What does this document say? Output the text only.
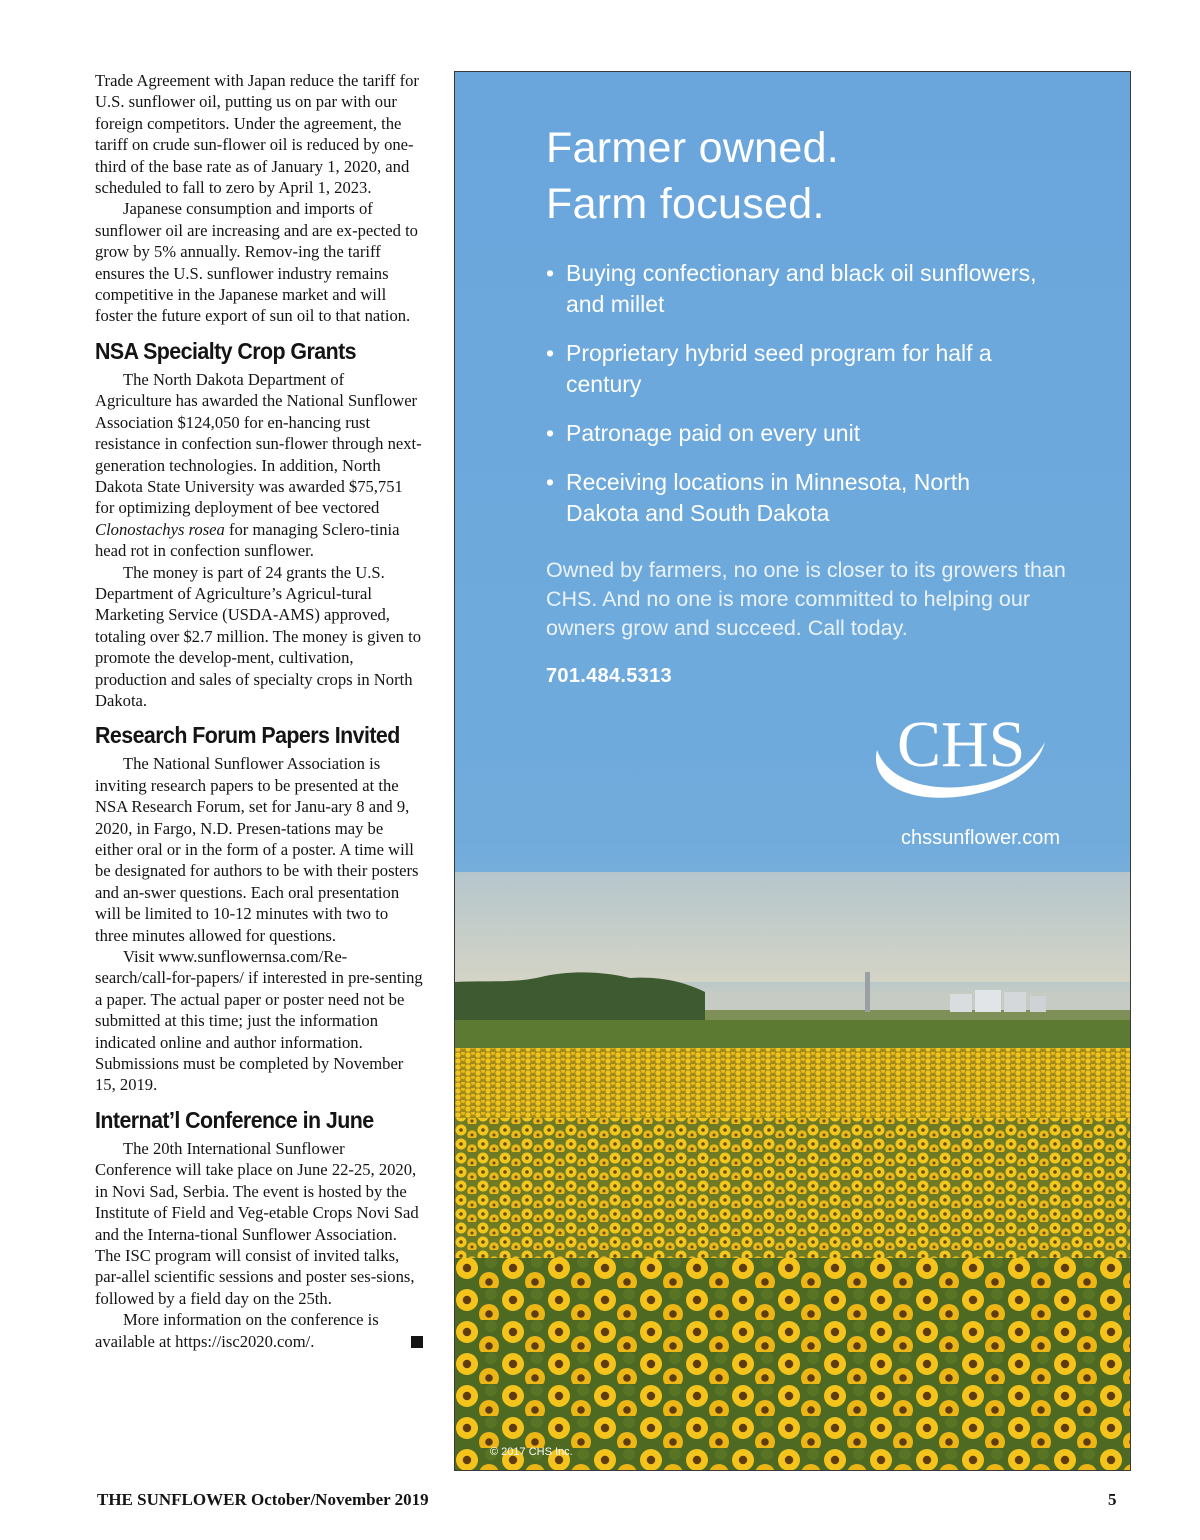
Trade Agreement with Japan reduce the tariff for U.S. sunflower oil, putting us on par with our foreign competitors. Under the agreement, the tariff on crude sun-flower oil is reduced by one-third of the base rate as of January 1, 2020, and scheduled to fall to zero by April 1, 2023.

Japanese consumption and imports of sunflower oil are increasing and are ex-pected to grow by 5% annually. Remov-ing the tariff ensures the U.S. sunflower industry remains competitive in the Japanese market and will foster the future export of sun oil to that nation.

NSA Specialty Crop Grants

The North Dakota Department of Agriculture has awarded the National Sunflower Association $124,050 for en-hancing rust resistance in confection sun-flower through next-generation technologies. In addition, North Dakota State University was awarded $75,751 for optimizing deployment of bee vectored Clonostachys rosea for managing Sclero-tinia head rot in confection sunflower.

The money is part of 24 grants the U.S. Department of Agriculture’s Agricul-tural Marketing Service (USDA-AMS) approved, totaling over $2.7 million. The money is given to promote the develop-ment, cultivation, production and sales of specialty crops in North Dakota.

Research Forum Papers Invited

The National Sunflower Association is inviting research papers to be presented at the NSA Research Forum, set for Janu-ary 8 and 9, 2020, in Fargo, N.D. Presen-tations may be either oral or in the form of a poster. A time will be designated for authors to be with their posters and an-swer questions. Each oral presentation will be limited to 10-12 minutes with two to three minutes allowed for questions.

Visit www.sunflowernsa.com/Re-search/call-for-papers/ if interested in pre-senting a paper. The actual paper or poster need not be submitted at this time; just the information indicated online and author information. Submissions must be completed by November 15, 2019.

Internat’l Conference in June

The 20th International Sunflower Conference will take place on June 22-25, 2020, in Novi Sad, Serbia. The event is hosted by the Institute of Field and Veg-etable Crops Novi Sad and the Interna-tional Sunflower Association. The ISC program will consist of invited talks, par-allel scientific sessions and poster ses-sions, followed by a field day on the 25th.

More information on the conference is available at https://isc2020.com/.

Farmer owned.
Farm focused.
• Buying confectionary and black oil sunflowers, and millet
• Proprietary hybrid seed program for half a century
• Patronage paid on every unit
• Receiving locations in Minnesota, North Dakota and South Dakota

Owned by farmers, no one is closer to its growers than CHS. And no one is more committed to helping our owners grow and succeed. Call today.

701.484.5313
CHS
chssunflower.com
© 2017 CHS Inc.
THE SUNFLOWER October/November 2019	5
